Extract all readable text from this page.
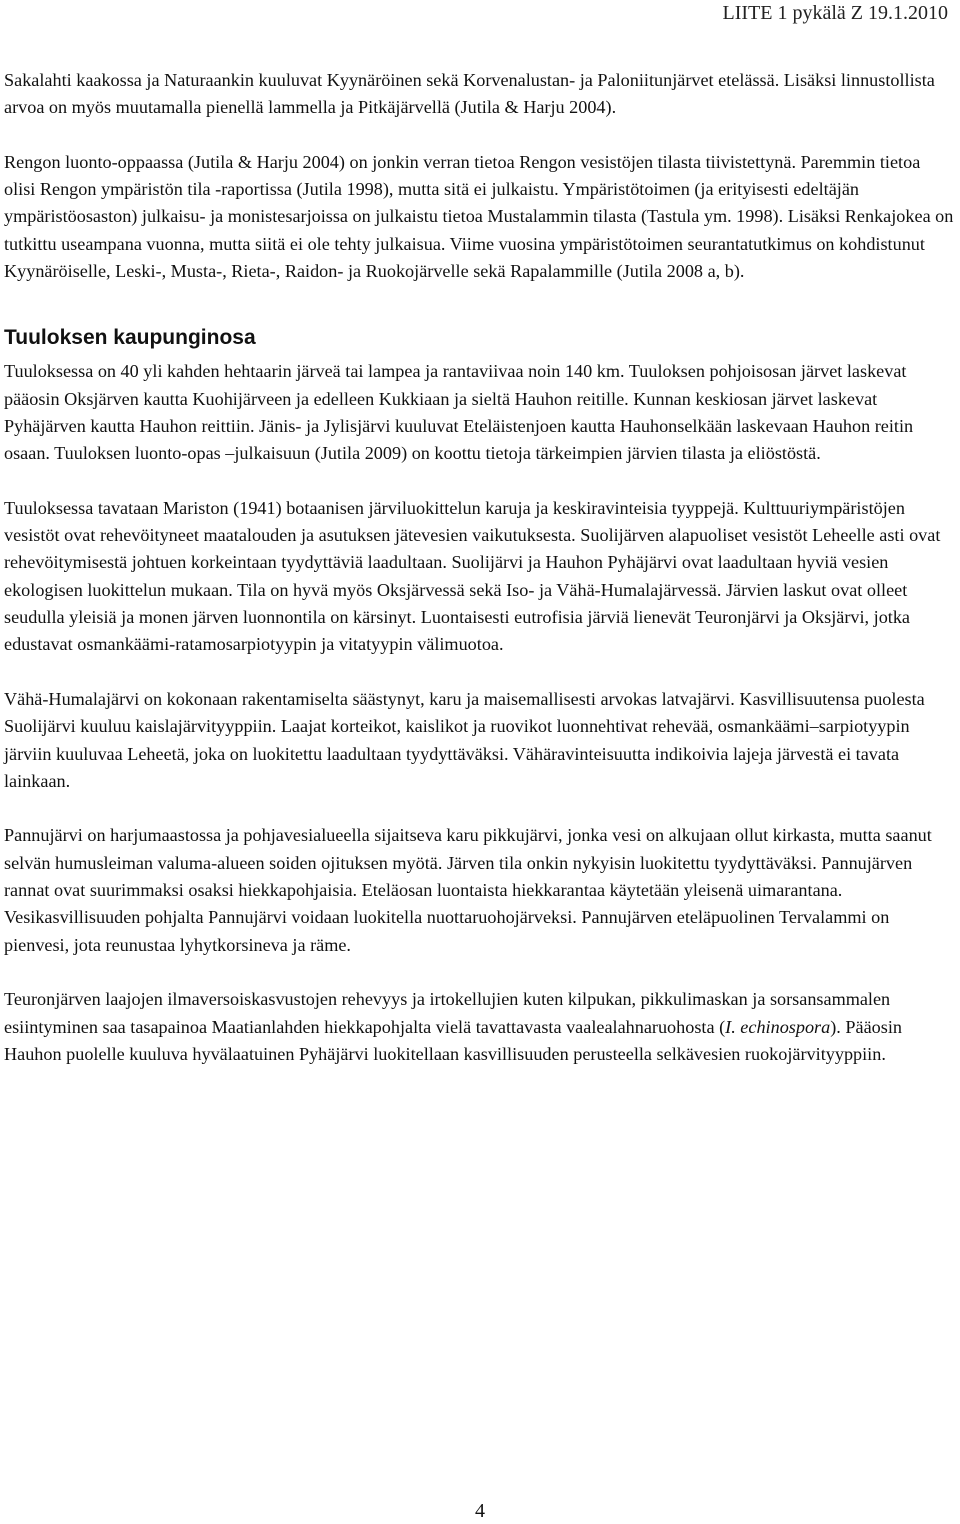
LIITE 1 pykälä Z 19.1.2010

Sakalahti kaakossa ja Naturaankin kuuluvat Kyynäröinen sekä Korvenalustan- ja Paloniitunjärvet etelässä. Lisäksi linnustollista arvoa on myös muutamalla pienellä lammella ja Pitkäjärvellä (Jutila & Harju 2004).

Rengon luonto-oppaassa (Jutila & Harju 2004) on jonkin verran tietoa Rengon vesistöjen tilasta tiivistettynä. Paremmin tietoa olisi Rengon ympäristön tila -raportissa (Jutila 1998), mutta sitä ei julkaistu. Ympäristötoimen (ja erityisesti edeltäjän ympäristöosaston) julkaisu- ja monistesarjoissa on julkaistu tietoa Mustalammin tilasta (Tastula ym. 1998). Lisäksi Renkajokea on tutkittu useampana vuonna, mutta siitä ei ole tehty julkaisua. Viime vuosina ympäristötoimen seurantatutkimus on kohdistunut Kyynäröiselle, Leski-, Musta-, Rieta-, Raidon- ja Ruokojärvelle sekä Rapalammille (Jutila 2008 a, b).

Tuuloksen kaupunginosa

Tuuloksessa on 40 yli kahden hehtaarin järveä tai lampea ja rantaviivaa noin 140 km. Tuuloksen pohjoisosan järvet laskevat pääosin Oksjärven kautta Kuohijärveen ja edelleen Kukkiaan ja sieltä Hauhon reitille. Kunnan keskiosan järvet laskevat Pyhäjärven kautta Hauhon reittiin. Jänis- ja Jylisjärvi kuuluvat Eteläistenjoen kautta Hauhonselkään laskevaan Hauhon reitin osaan. Tuuloksen luonto-opas –julkaisuun (Jutila 2009) on koottu tietoja tärkeimpien järvien tilasta ja eliöstöstä.

Tuuloksessa tavataan Mariston (1941) botaanisen järviluokittelun karuja ja keskiravinteisia tyyppejä. Kulttuuriympäristöjen vesistöt ovat rehevöityneet maatalouden ja asutuksen jätevesien vaikutuksesta. Suolijärven alapuoliset vesistöt Leheelle asti ovat rehevöitymisestä johtuen korkeintaan tyydyttäviä laadultaan. Suolijärvi ja Hauhon Pyhäjärvi ovat laadultaan hyviä vesien ekologisen luokittelun mukaan. Tila on hyvä myös Oksjärvessä sekä Iso- ja Vähä-Humalajärvessä. Järvien laskut ovat olleet seudulla yleisiä ja monen järven luonnontila on kärsinyt. Luontaisesti eutrofisia järviä lienevät Teuronjärvi ja Oksjärvi, jotka edustavat osmankäämi-ratamosarpiotyypin ja vitatyypin välimuotoa.

Vähä-Humalajärvi on kokonaan rakentamiselta säästynyt, karu ja maisemallisesti arvokas latvajärvi. Kasvillisuutensa puolesta Suolijärvi kuuluu kaislajärvityyppiin. Laajat korteikot, kaislikot ja ruovikot luonnehtivat rehevää, osmankäämi–sarpiotyypin järviin kuuluvaa Leheetä, joka on luokitettu laadultaan tyydyttäväksi. Vähäravinteisuutta indikoivia lajeja järvestä ei tavata lainkaan.

Pannujärvi on harjumaastossa ja pohjavesialueella sijaitseva karu pikkujärvi, jonka vesi on alkujaan ollut kirkasta, mutta saanut selvän humusleiman valuma-alueen soiden ojituksen myötä. Järven tila onkin nykyisin luokitettu tyydyttäväksi. Pannujärven rannat ovat suurimmaksi osaksi hiekkapohjaisia. Eteläosan luontaista hiekkarantaa käytetään yleisenä uimarantana. Vesikasvillisuuden pohjalta Pannujärvi voidaan luokitella nuottaruohojärveksi. Pannujärven eteläpuolinen Tervalammi on pienvesi, jota reunustaa lyhytkorsineva ja räme.

Teuronjärven laajojen ilmaversoiskasvustojen rehevyys ja irtokellujien kuten kilpukan, pikkulimaskan ja sorsansammalen esiintyminen saa tasapainoa Maatianlahden hiekkapohjalta vielä tavattavasta vaalealahnaruohosta (I. echinospora). Pääosin Hauhon puolelle kuuluva hyvälaatuinen Pyhäjärvi luokitellaan kasvillisuuden perusteella selkävesien ruokojärvityyppiin.

4
